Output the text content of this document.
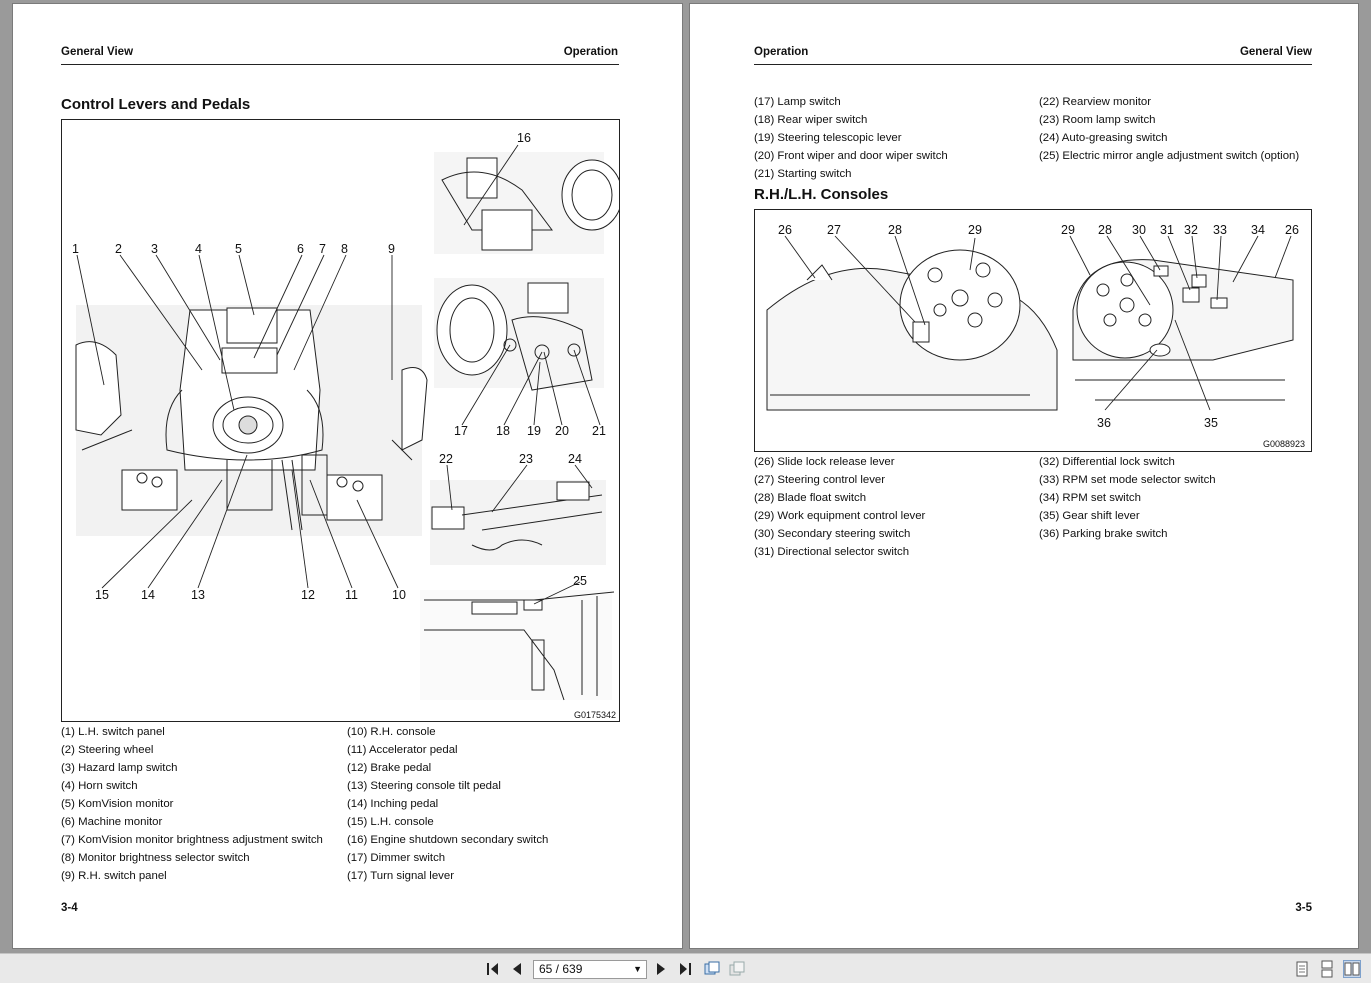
General View	Operation
Control Levers and Pedals
1	2 3	4	5	6 7 8	9
10
11
12
13
14
15
16
17 18 19 20 21
22	23	24
25
G0175342
(1) L.H. switch panel
(2) Steering wheel
(3) Hazard lamp switch
(4) Horn switch
(5) KomVision monitor
(6) Machine monitor
(7) KomVision monitor brightness adjustment switch
(8) Monitor brightness selector switch
(9) R.H. switch panel
(10) R.H. console
(11) Accelerator pedal
(12) Brake pedal
(13) Steering console tilt pedal
(14) Inching pedal
(15) L.H. console
(16) Engine shutdown secondary switch
(17) Dimmer switch
(17) Turn signal lever
3-4
Operation	General View
(17) Lamp switch
(18) Rear wiper switch
(19) Steering telescopic lever
(20) Front wiper and door wiper switch
(21) Starting switch
(22) Rearview monitor
(23) Room lamp switch
(24) Auto-greasing switch
(25) Electric mirror angle adjustment switch (option)
R.H./L.H. Consoles
26	27	28	29	29 28 30 31 32 33 34 26
36	35
G0088923
(26) Slide lock release lever
(27) Steering control lever
(28) Blade float switch
(29) Work equipment control lever
(30) Secondary steering switch
(31) Directional selector switch
(32) Differential lock switch
(33) RPM set mode selector switch
(34) RPM set switch
(35) Gear shift lever
(36) Parking brake switch
3-5
65 / 639	▼
